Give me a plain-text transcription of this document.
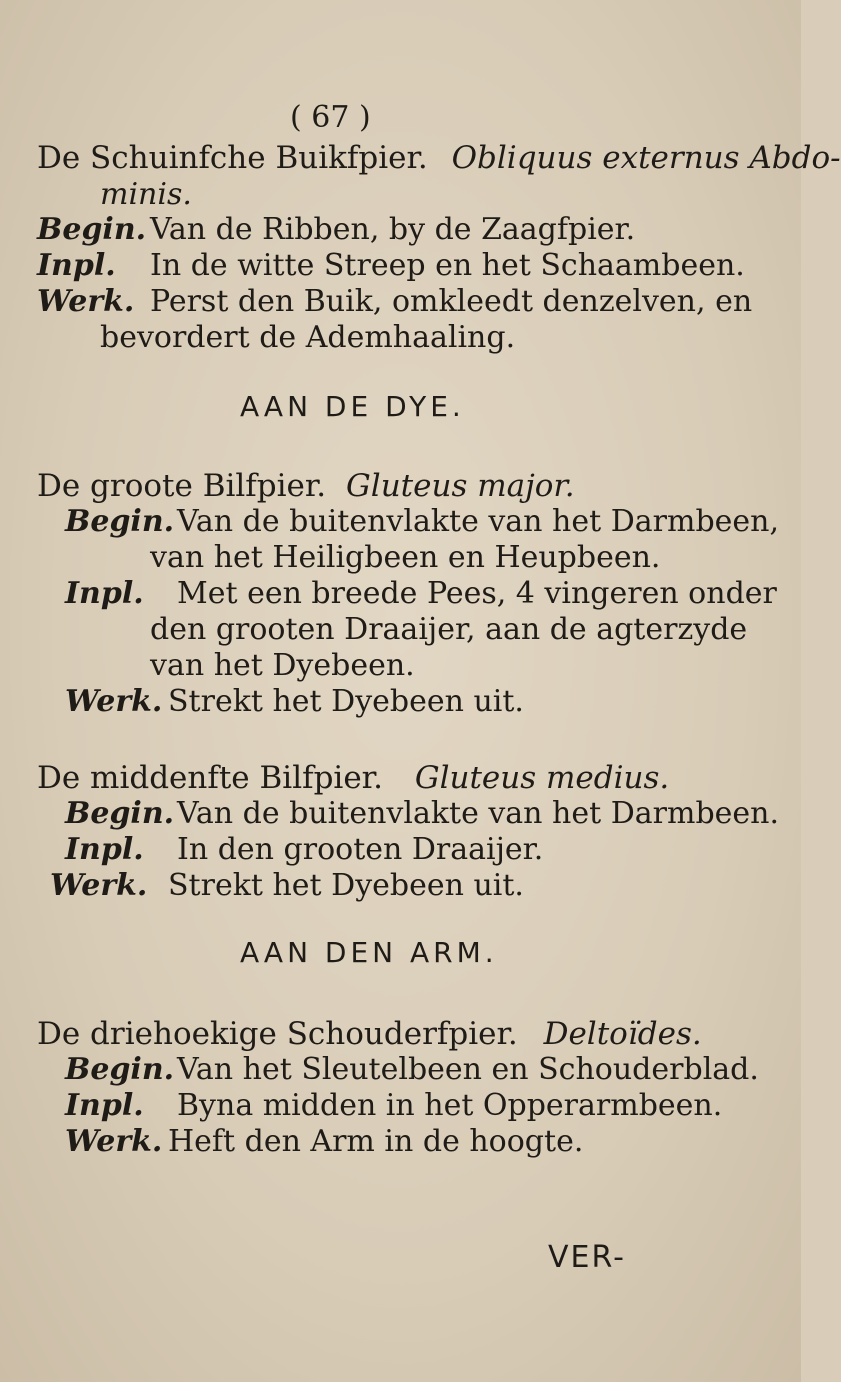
( 67 )
De Schuinfche Buikfpier. Obliquus externus Abdo-
minis.
Begin. Van de Ribben, by de Zaagfpier.
Inpl. In de witte Streep en het Schaambeen.
Werk. Perst den Buik, omkleedt denzelven, en
bevordert de Ademhaaling.
AAN DE DYE.
De groote Bilfpier. Gluteus major.
Begin. Van de buitenvlakte van het Darmbeen,
van het Heiligbeen en Heupbeen.
Inpl. Met een breede Pees, 4 vingeren onder
den grooten Draaijer, aan de agterzyde
van het Dyebeen.
Werk. Strekt het Dyebeen uit.
De middenfte Bilfpier. Gluteus medius.
Begin. Van de buitenvlakte van het Darmbeen.
Inpl. In den grooten Draaijer.
Werk. Strekt het Dyebeen uit.
AAN DEN ARM.
De driehoekige Schouderfpier. Deltoïdes.
Begin. Van het Sleutelbeen en Schouderblad.
Inpl. Byna midden in het Opperarmbeen.
Werk. Heft den Arm in de hoogte.
VER-
